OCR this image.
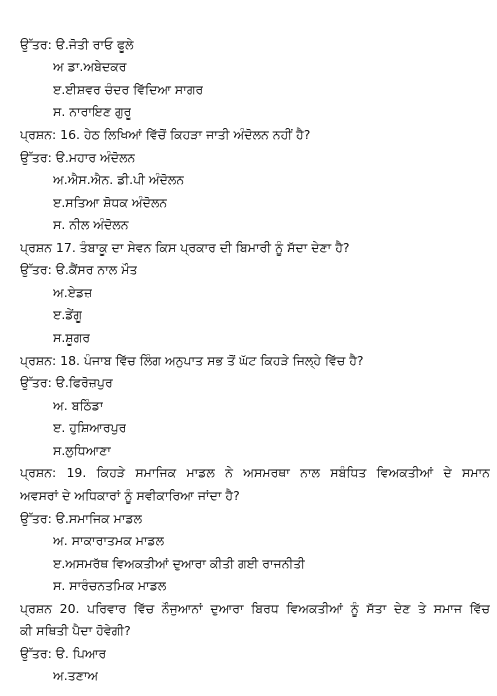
ਉੱਤਰ: ੳ.ਜੋਤੀ ਰਾਓ ਫੂਲੇ
ਅ ਡਾ.ਅਬੇਦਕਰ
ੲ.ਈਸ਼ਵਰ ਚੰਦਰ ਵਿੱਦਿਆ ਸਾਗਰ
ਸ. ਨਾਰਾਇਣ ਗੁਰੂ
ਪ੍ਰਸ਼ਨ: 16. ਹੇਠ ਲਿਖਿਆਂ ਵਿੱਚੋਂ ਕਿਹੜਾ ਜਾਤੀ ਅੰਦੋਲਨ ਨਹੀਂ ਹੈ?
ਉੱਤਰ: ੳ.ਮਹਾਰ ਅੰਦੋਲਨ
ਅ.ਐਸ.ਐਨ. ਡੀ.ਪੀ ਅੰਦੋਲਨ
ੲ.ਸਤਿਆ ਸ਼ੋਧਕ ਅੰਦੋਲਨ
ਸ. ਨੀਲ ਅੰਦੋਲਨ
ਪ੍ਰਸ਼ਨ 17. ਤੰਬਾਕੂ ਦਾ ਸੇਵਨ ਕਿਸ ਪ੍ਰਕਾਰ ਦੀ ਬਿਮਾਰੀ ਨੂੰ ਸੱਦਾ ਦੇਣਾ ਹੈ?
ਉੱਤਰ: ੳ.ਕੈਂਸਰ ਨਾਲ ਮੌਤ
ਅ.ਏਡਜ਼
ੲ.ਡੇਂਗੂ
ਸ.ਸ਼ੂਗਰ
ਪ੍ਰਸ਼ਨ: 18. ਪੰਜਾਬ ਵਿੱਚ ਲਿੰਗ ਅਨੁਪਾਤ ਸਭ ਤੋਂ ਘੱਟ ਕਿਹੜੇ ਜਿਲ੍ਹੇ ਵਿੱਚ ਹੈ?
ਉੱਤਰ: ੳ.ਫਿਰੋਜ਼ਪੁਰ
ਅ. ਬਠਿੰਡਾ
ੲ. ਹੁਸ਼ਿਆਰਪੁਰ
ਸ.ਲੁਧਿਆਣਾ
ਪ੍ਰਸ਼ਨ: 19. ਕਿਹੜੇ ਸਮਾਜਿਕ ਮਾਡਲ ਨੇ ਅਸਮਰਥਾ ਨਾਲ ਸਬੰਧਿਤ ਵਿਅਕਤੀਆਂ ਦੇ ਸਮਾਨ
ਅਵਸਰਾਂ ਦੇ ਅਧਿਕਾਰਾਂ ਨੂੰ ਸਵੀਕਾਰਿਆ ਜਾਂਦਾ ਹੈ?
ਉੱਤਰ: ੳ.ਸਮਾਜਿਕ ਮਾਡਲ
ਅ. ਸਾਕਾਰਾਤਮਕ ਮਾਡਲ
ੲ.ਅਸਮਰੱਥ ਵਿਅਕਤੀਆਂ ਦੁਆਰਾ ਕੀਤੀ ਗਈ ਰਾਜਨੀਤੀ
ਸ. ਸਾਰੰਚਨਤਮਿਕ ਮਾਡਲ
ਪ੍ਰਸ਼ਨ 20. ਪਰਿਵਾਰ ਵਿੱਚ ਨੌਜੁਆਨਾਂ ਦੁਆਰਾ ਬਿਰਧ ਵਿਅਕਤੀਆਂ ਨੂੰ ਸੱਤਾ ਦੇਣ ਤੇ ਸਮਾਜ ਵਿੱਚ
ਕੀ ਸਥਿਤੀ ਪੈਦਾ ਹੋਵੇਗੀ?
ਉੱਤਰ: ੳ. ਪਿਆਰ
ਅ.ਤਣਾਅ
